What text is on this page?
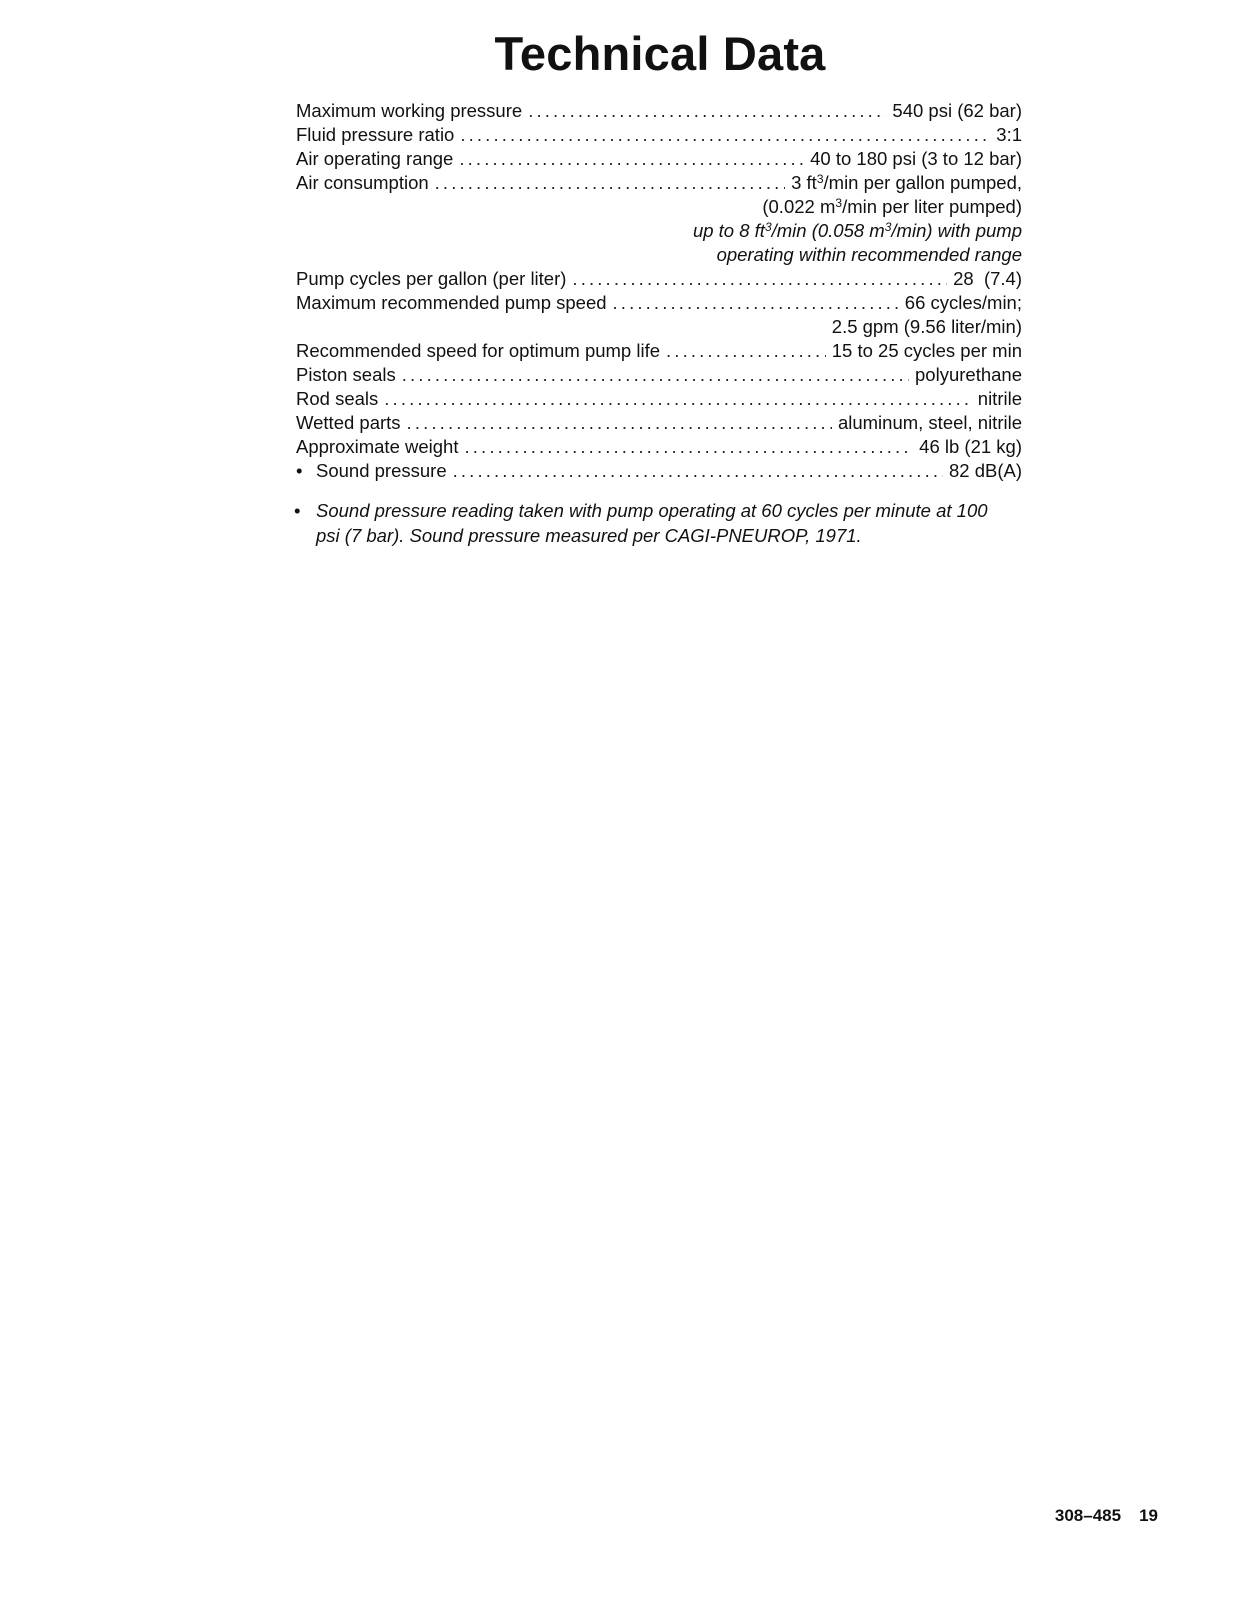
Technical Data
Maximum working pressure . . .	540 psi (62 bar)
Fluid pressure ratio . . .	3:1
Air operating range . . .	40 to 180 psi (3 to 12 bar)
Air consumption . . .	3 $ft^3/\min$ per gallon pumped,
(0.022 $m^3/\min$ per liter pumped)
up to 8 $ft^3/\min$ (0.058 $m^3/\min$) with pump
operating within recommended range
Pump cycles per gallon (per liter) . . .	28  (7.4)
Maximum recommended pump speed . . .	66 cycles/min;
2.5 gpm (9.56 liter/min)
Recommended speed for optimum pump life . . .	15 to 25 cycles per min
Piston seals . . .	polyurethane
Rod seals . . .	nitrile
Wetted parts . . .	aluminum, steel, nitrile
Approximate weight . . .	46 lb (21 kg)
• Sound pressure . . .	82 dB(A)
• Sound pressure reading taken with pump operating at 60 cycles per minute at 100 psi (7 bar). Sound pressure measured per CAGI-PNEUROP, 1971.
308–485 19
